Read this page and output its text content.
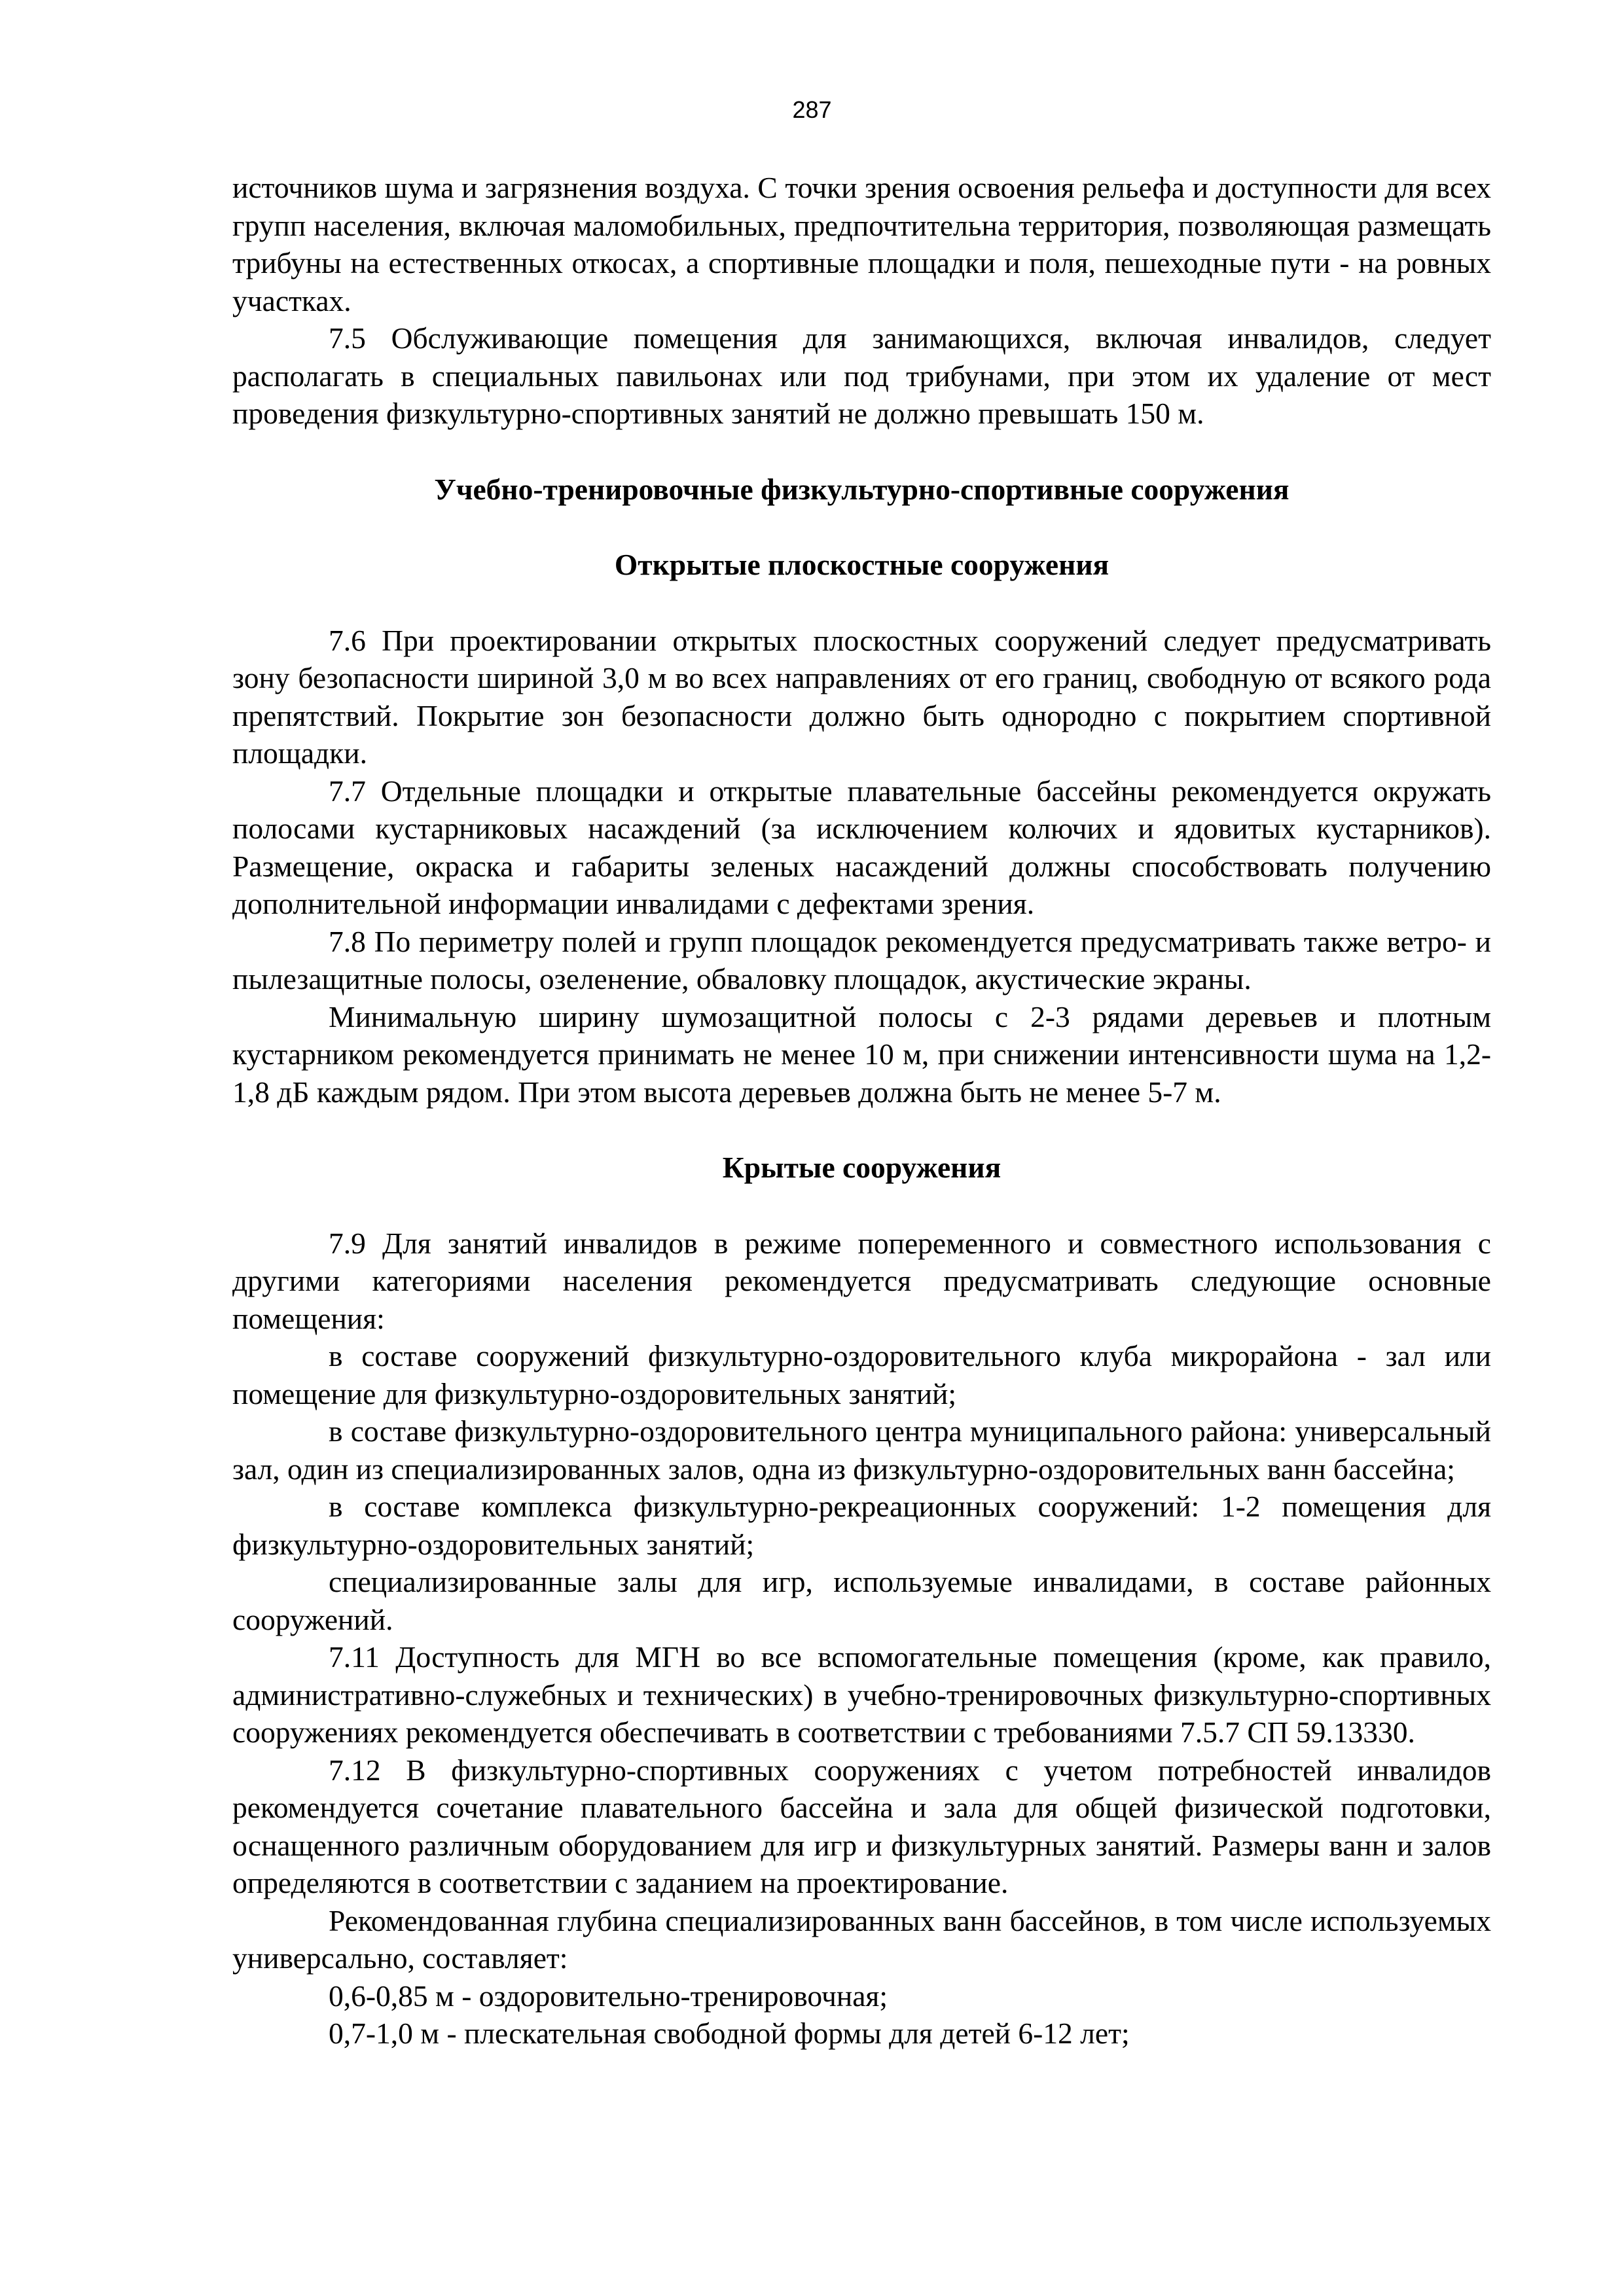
287

источников шума и загрязнения воздуха. С точки зрения освоения рельефа и доступности для всех групп населения, включая маломобильных, предпочтительна территория, позволяющая размещать трибуны на естественных откосах, а спортивные площадки и поля, пешеходные пути - на ровных участках.

7.5 Обслуживающие помещения для занимающихся, включая инвалидов, следует располагать в специальных павильонах или под трибунами, при этом их удаление от мест проведения физкультурно-спортивных занятий не должно превышать 150 м.

Учебно-тренировочные физкультурно-спортивные сооружения
Открытые плоскостные сооружения

7.6 При проектировании открытых плоскостных сооружений следует предусматривать зону безопасности шириной 3,0 м во всех направлениях от его границ, свободную от всякого рода препятствий. Покрытие зон безопасности должно быть однородно с покрытием спортивной площадки.

7.7 Отдельные площадки и открытые плавательные бассейны рекомендуется окружать полосами кустарниковых насаждений (за исключением колючих и ядовитых кустарников). Размещение, окраска и габариты зеленых насаждений должны способствовать получению дополнительной информации инвалидами с дефектами зрения.

7.8 По периметру полей и групп площадок рекомендуется предусматривать также ветро- и пылезащитные полосы, озеленение, обваловку площадок, акустические экраны.

Минимальную ширину шумозащитной полосы с 2-3 рядами деревьев и плотным кустарником рекомендуется принимать не менее 10 м, при снижении интенсивности шума на 1,2-1,8 дБ каждым рядом. При этом высота деревьев должна быть не менее 5-7 м.

Крытые сооружения

7.9 Для занятий инвалидов в режиме попеременного и совместного использования с другими категориями населения рекомендуется предусматривать следующие основные помещения:

в составе сооружений физкультурно-оздоровительного клуба микрорайона - зал или помещение для физкультурно-оздоровительных занятий;

в составе физкультурно-оздоровительного центра муниципального района: универсальный зал, один из специализированных залов, одна из физкультурно-оздоровительных ванн бассейна;

в составе комплекса физкультурно-рекреационных сооружений: 1-2 помещения для физкультурно-оздоровительных занятий;

специализированные залы для игр, используемые инвалидами, в составе районных сооружений.

7.11 Доступность для МГН во все вспомогательные помещения (кроме, как правило, административно-служебных и технических) в учебно-тренировочных физкультурно-спортивных сооружениях рекомендуется обеспечивать в соответствии с требованиями 7.5.7 СП 59.13330.

7.12 В физкультурно-спортивных сооружениях с учетом потребностей инвалидов рекомендуется сочетание плавательного бассейна и зала для общей физической подготовки, оснащенного различным оборудованием для игр и физкультурных занятий. Размеры ванн и залов определяются в соответствии с заданием на проектирование.

Рекомендованная глубина специализированных ванн бассейнов, в том числе используемых универсально, составляет:

0,6-0,85 м - оздоровительно-тренировочная;

0,7-1,0 м - плескательная свободной формы для детей 6-12 лет;
